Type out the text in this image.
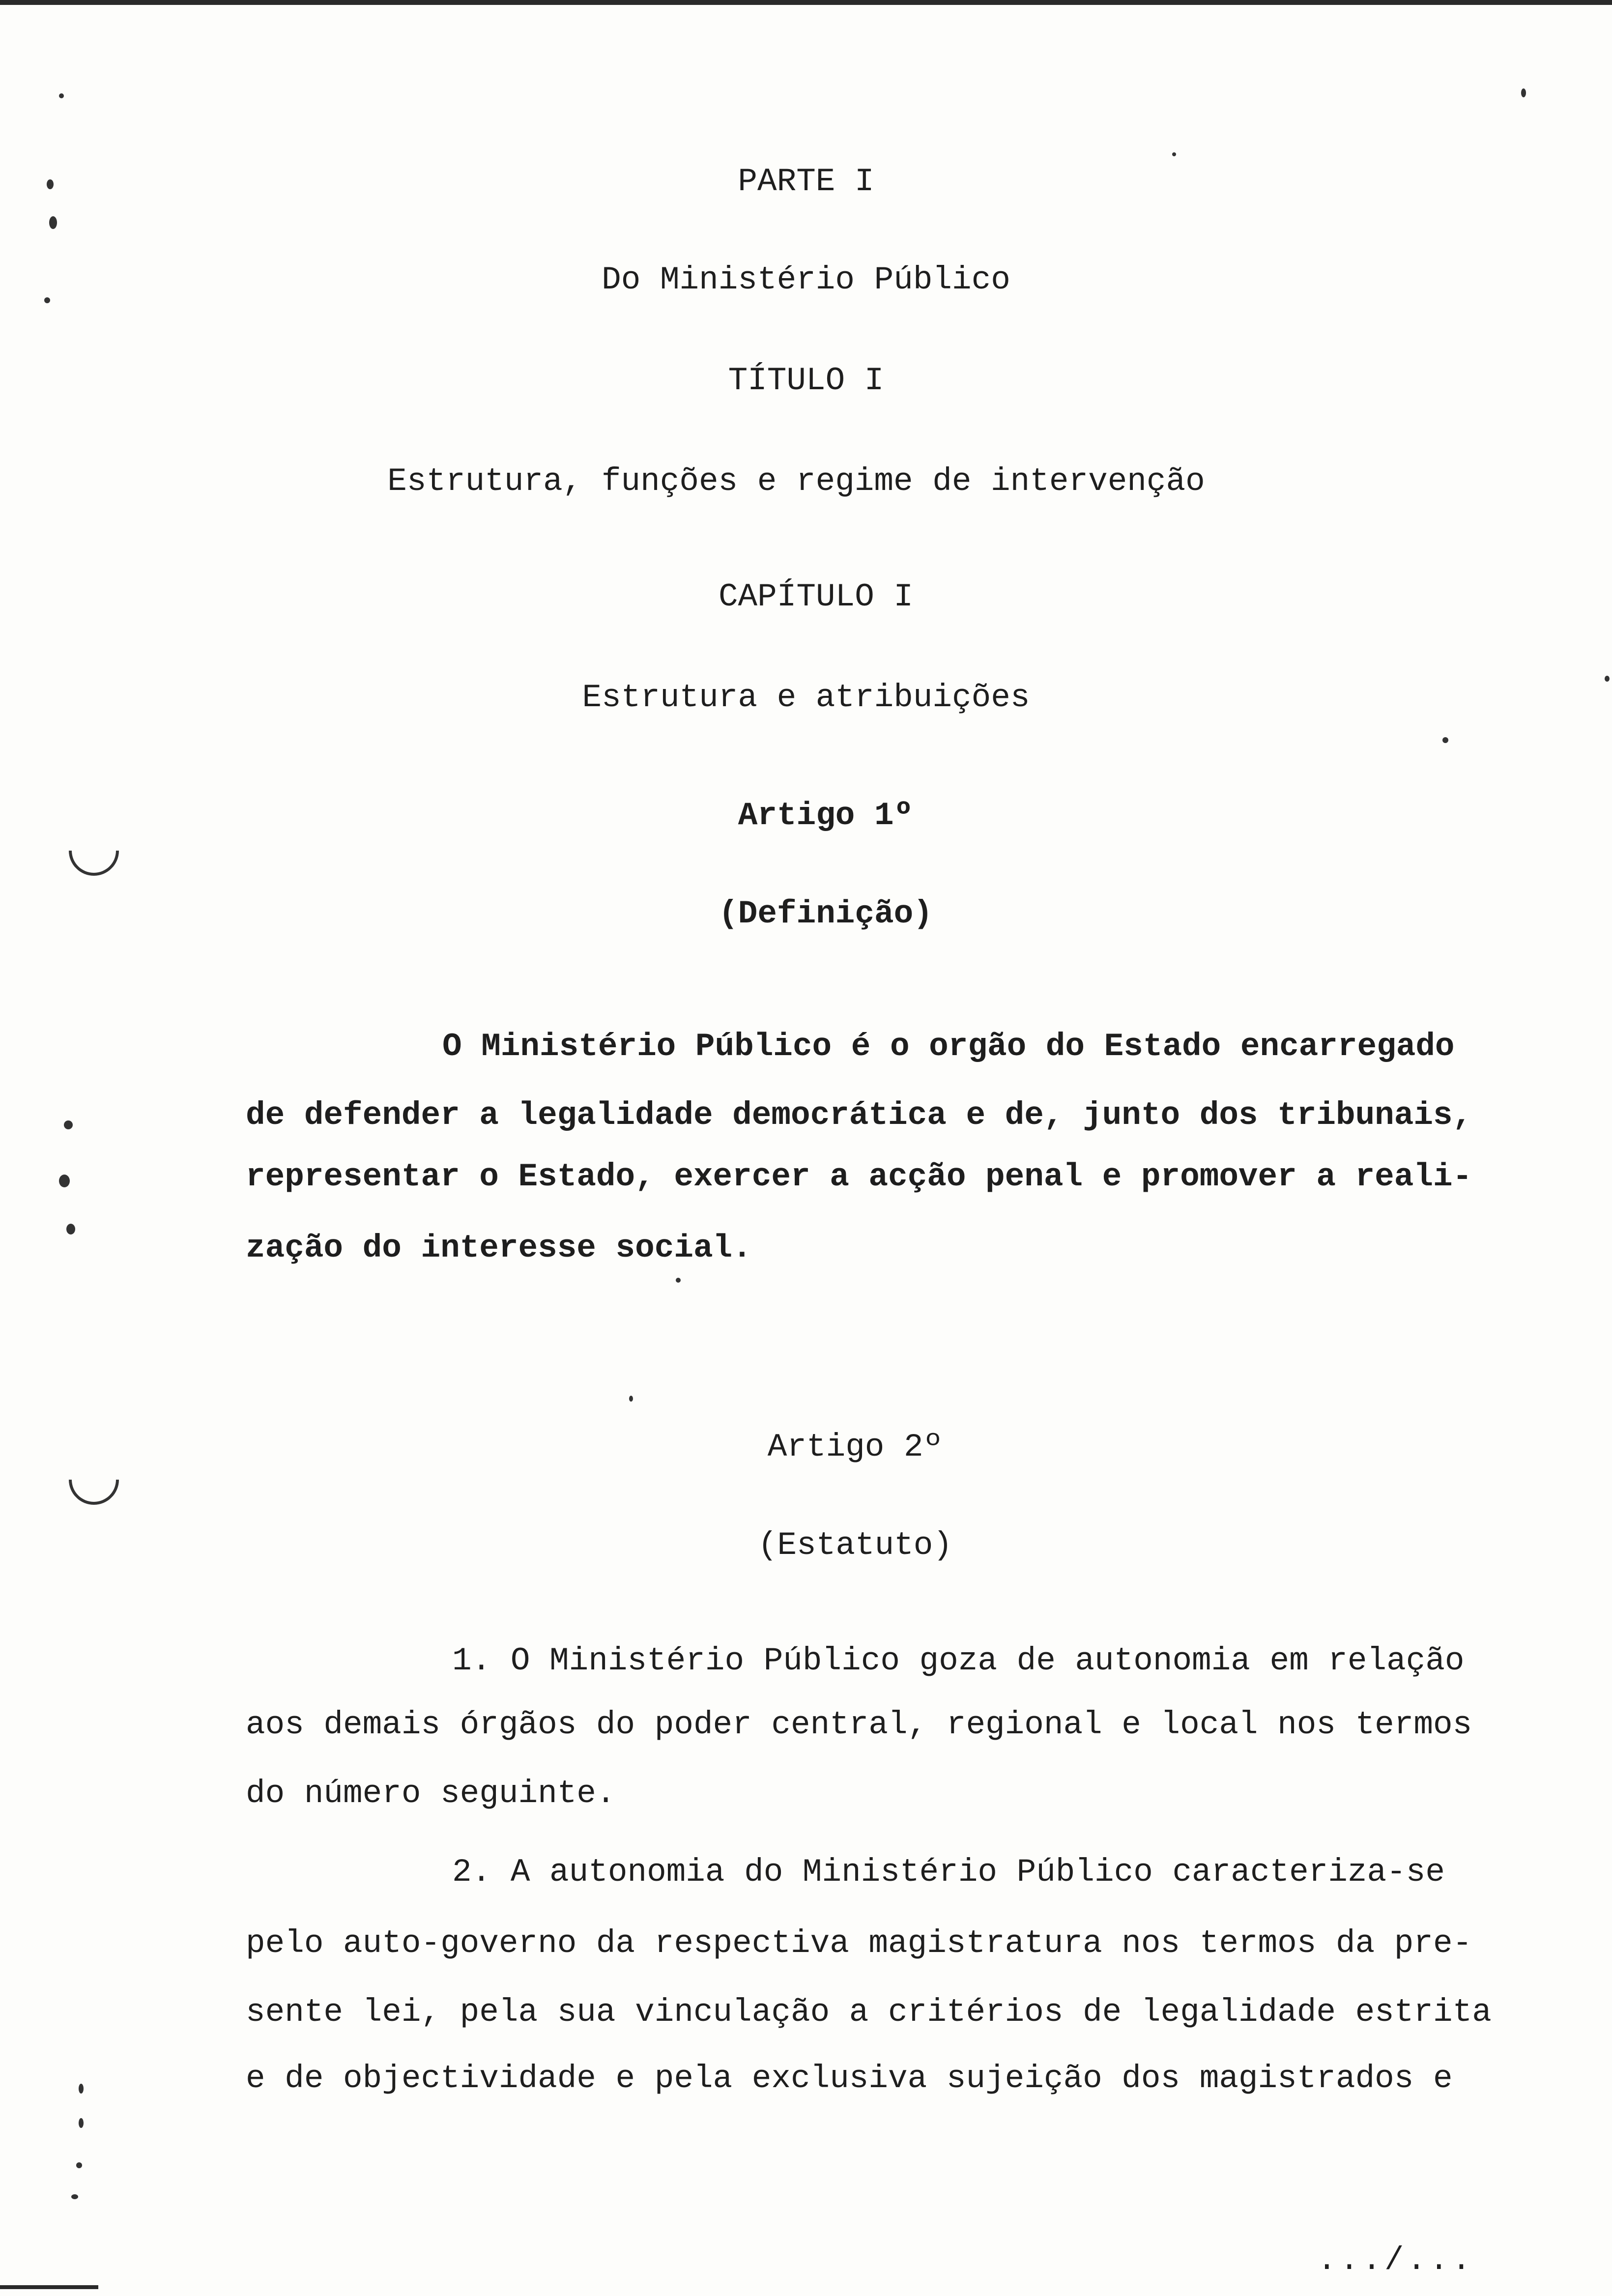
PARTE I
Do Ministério Público
TÍTULO I
Estrutura, funções e regime de intervenção
CAPÍTULO I
Estrutura e atribuições
Artigo 1º
(Definição)
O Ministério Público é o orgão do Estado encarregado
de defender a legalidade democrática e de, junto dos tribunais,
representar o Estado, exercer a acção penal e promover a reali-
zação do interesse social.
Artigo 2º
(Estatuto)
1. O Ministério Público goza de autonomia em relação
aos demais órgãos do poder central, regional e local nos termos
do número seguinte.
2. A autonomia do Ministério Público caracteriza-se
pelo auto-governo da respectiva magistratura nos termos da pre-
sente lei, pela sua vinculação a critérios de legalidade estrita
e de objectividade e pela exclusiva sujeição dos magistrados e
.../...
